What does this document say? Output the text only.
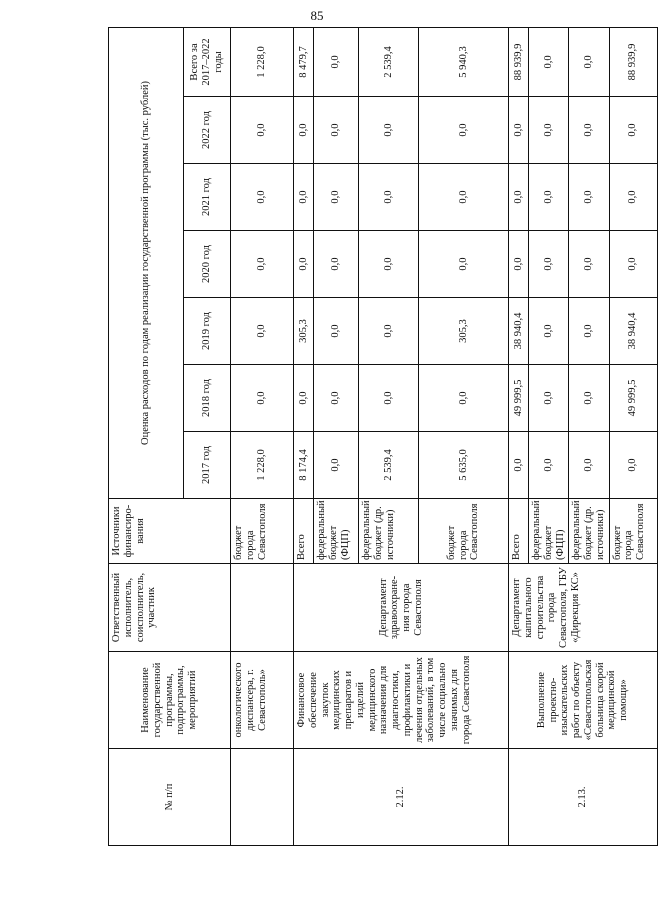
85
№ п/п	Наименование государственной программы, подпрограммы, мероприятий	Ответственный исполнитель, соисполнитель, участник	Источники финансиро- вания	Оценка расходов по годам реализации государственной программы (тыс. рублей)						
				2017 год	2018 год	2019 год	2020 год	2021 год	2022 год	Всего за 2017–2022 годы
	онкологического диспансера, г. Севастополь»		бюджет города Севастополя	1 228,0	0,0	0,0	0,0	0,0	0,0	1 228,0
2.12.	Финансовое обеспечение закупок медицинских препаратов и изделий медицинского назначения для диагностики, профилактики и лечения отдельных заболеваний, в том числе социально значимых для города Севастополя	Департамент здравоохране- ния города Севастополя	Всего	8 174,4	0,0	305,3	0,0	0,0	0,0	8 479,7
			федеральный бюджет (ФЦП)	0,0	0,0	0,0	0,0	0,0	0,0	0,0
			федеральный бюджет (др. источники)	2 539,4	0,0	0,0	0,0	0,0	0,0	2 539,4
			бюджет города Севастополя	5 635,0	0,0	305,3	0,0	0,0	0,0	5 940,3
2.13.	Выполнение проектно- изыскательских работ по объекту «Севастопольская больница скорой медицинской помощи»	Департамент капитального строительства города Севастополя, ГБУ «Дирекция КС»	Всего	0,0	49 999,5	38 940,4	0,0	0,0	0,0	88 939,9
			федеральный бюджет (ФЦП)	0,0	0,0	0,0	0,0	0,0	0,0	0,0
			федеральный бюджет (др. источники)	0,0	0,0	0,0	0,0	0,0	0,0	0,0
			бюджет города Севастополя	0,0	49 999,5	38 940,4	0,0	0,0	0,0	88 939,9
